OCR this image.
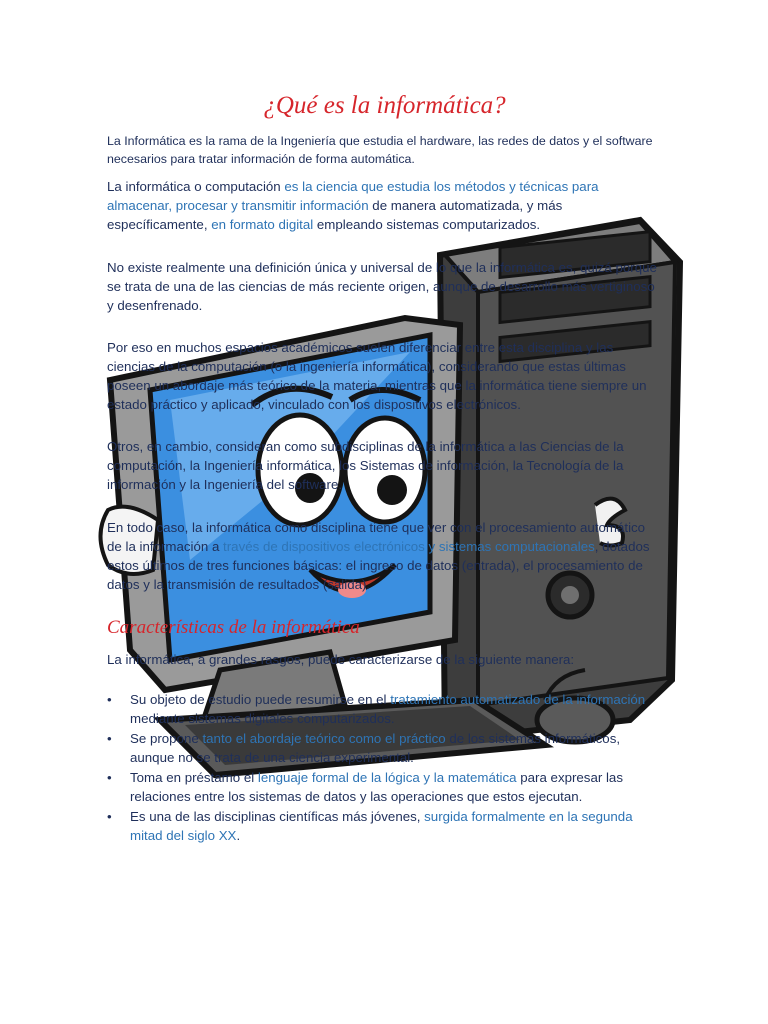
¿Qué es la informática?
La Informática es la rama de la Ingeniería que estudia el hardware, las redes de datos y el software necesarios para tratar información de forma automática.
La informática o computación es la ciencia que estudia los métodos y técnicas para almacenar, procesar y transmitir información de manera automatizada, y más específicamente, en formato digital empleando sistemas computarizados.
No existe realmente una definición única y universal de lo que la informática es, quizá porque se trata de una de las ciencias de más reciente origen, aunque de desarrollo más vertiginoso y desenfrenado.
Por eso en muchos espacios académicos suelen diferenciar entre esta disciplina y las ciencias de la computación (o la ingeniería informática), considerando que estas últimas poseen un abordaje más teórico de la materia, mientras que la informática tiene siempre un estado práctico y aplicado, vinculado con los dispositivos electrónicos.
Otros, en cambio, consideran como subdisciplinas de la informática a las Ciencias de la computación, la Ingeniería informática, los Sistemas de información, la Tecnología de la información y la Ingeniería del software.
En todo caso, la informática como disciplina tiene que ver con el procesamiento automático de la información a través de dispositivos electrónicos y sistemas computacionales, dotados estos últimos de tres funciones básicas: el ingreso de datos (entrada), el procesamiento de datos y la transmisión de resultados (salida).
Características de la informática
La informática, a grandes rasgos, puede caracterizarse de la siguiente manera:
• Su objeto de estudio puede resumirse en el tratamiento automatizado de la información mediante sistemas digitales computarizados.
• Se propone tanto el abordaje teórico como el práctico de los sistemas informáticos, aunque no se trata de una ciencia experimental.
• Toma en préstamo el lenguaje formal de la lógica y la matemática para expresar las relaciones entre los sistemas de datos y las operaciones que estos ejecutan.
• Es una de las disciplinas científicas más jóvenes, surgida formalmente en la segunda mitad del siglo XX.
